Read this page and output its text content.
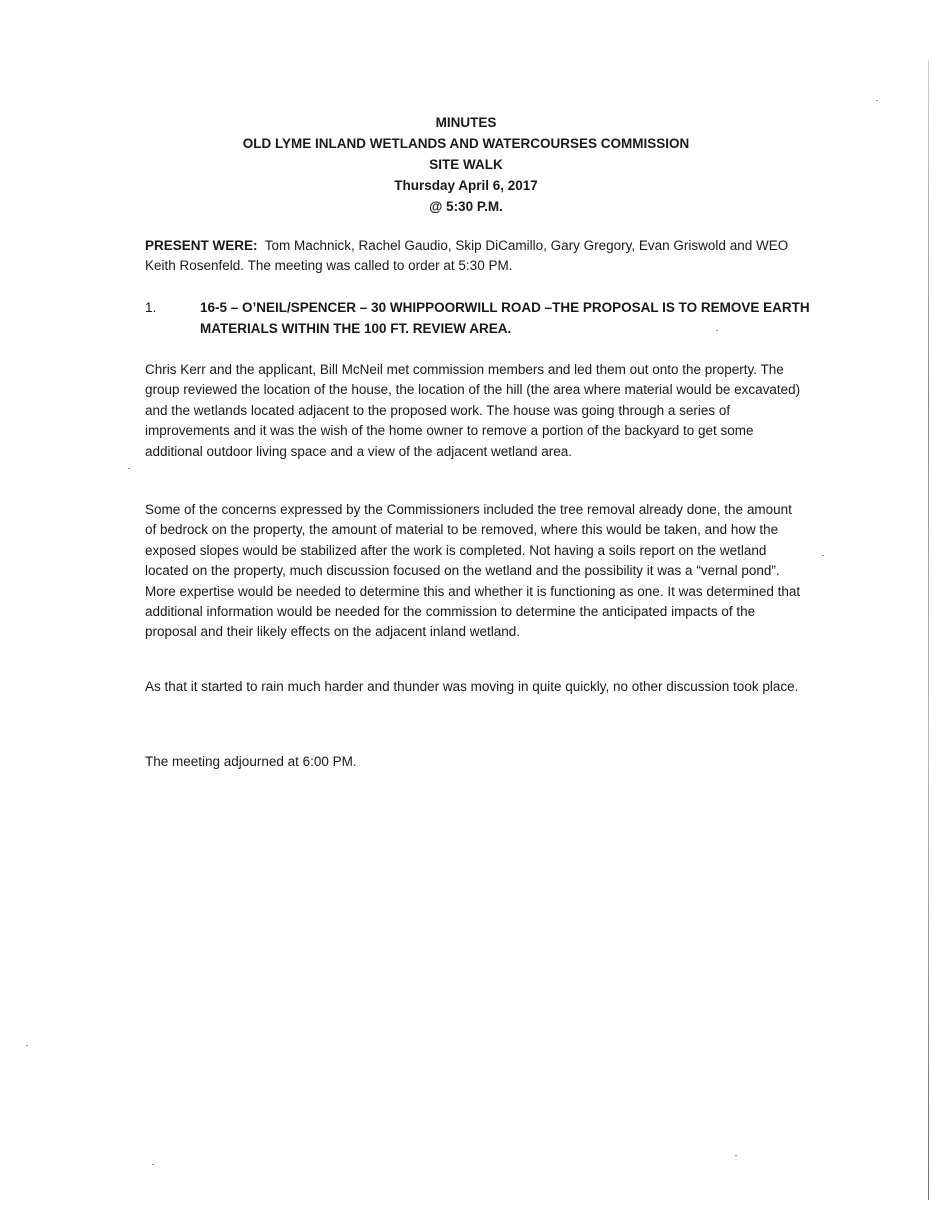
MINUTES
OLD LYME INLAND WETLANDS AND WATERCOURSES COMMISSION
SITE WALK
Thursday April 6, 2017
@ 5:30 P.M.
PRESENT WERE: Tom Machnick, Rachel Gaudio, Skip DiCamillo, Gary Gregory, Evan Griswold and WEO Keith Rosenfeld. The meeting was called to order at 5:30 PM.
1.	16-5 – O’NEIL/SPENCER – 30 WHIPPOORWILL ROAD –THE PROPOSAL IS TO REMOVE EARTH MATERIALS WITHIN THE 100 FT. REVIEW AREA.
Chris Kerr and the applicant, Bill McNeil met commission members and led them out onto the property. The group reviewed the location of the house, the location of the hill (the area where material would be excavated) and the wetlands located adjacent to the proposed work. The house was going through a series of improvements and it was the wish of the home owner to remove a portion of the backyard to get some additional outdoor living space and a view of the adjacent wetland area.
Some of the concerns expressed by the Commissioners included the tree removal already done, the amount of bedrock on the property, the amount of material to be removed, where this would be taken, and how the exposed slopes would be stabilized after the work is completed. Not having a soils report on the wetland located on the property, much discussion focused on the wetland and the possibility it was a “vernal pond”. More expertise would be needed to determine this and whether it is functioning as one. It was determined that additional information would be needed for the commission to determine the anticipated impacts of the proposal and their likely effects on the adjacent inland wetland.
As that it started to rain much harder and thunder was moving in quite quickly, no other discussion took place.
The meeting adjourned at 6:00 PM.
